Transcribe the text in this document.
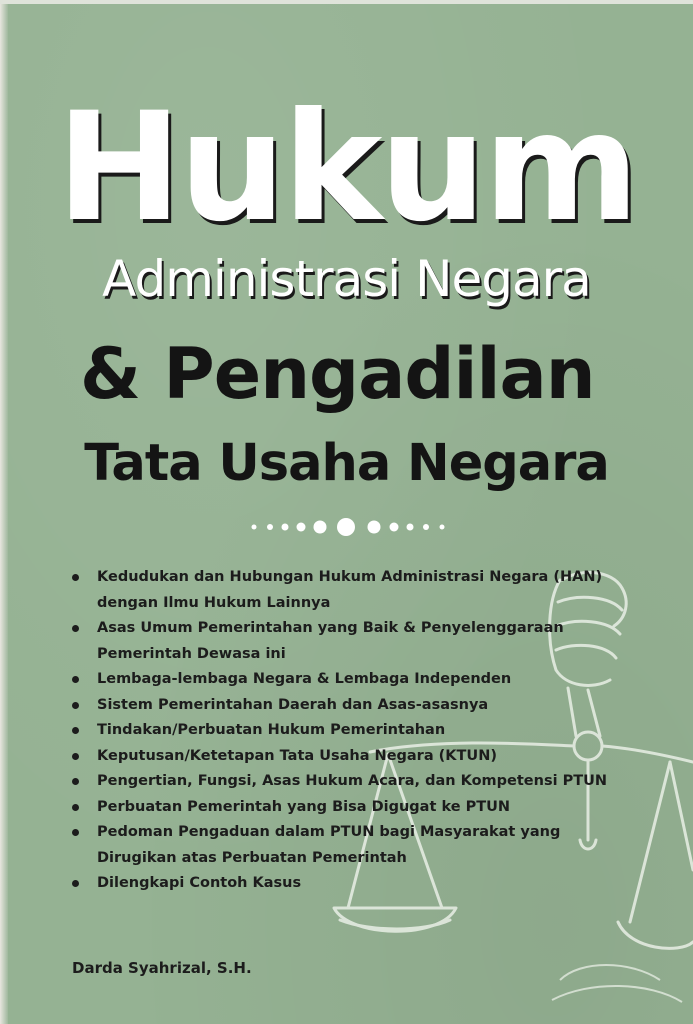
Hukum
Administrasi Negara
& Pengadilan
Tata Usaha Negara
Kedudukan dan Hubungan Hukum Administrasi Negara (HAN)
dengan Ilmu Hukum Lainnya
Asas Umum Pemerintahan yang Baik & Penyelenggaraan
Pemerintah Dewasa ini
Lembaga-lembaga Negara & Lembaga Independen
Sistem Pemerintahan Daerah dan Asas-asasnya
Tindakan/Perbuatan Hukum Pemerintahan
Keputusan/Ketetapan Tata Usaha Negara (KTUN)
Pengertian, Fungsi, Asas Hukum Acara, dan Kompetensi PTUN
Perbuatan Pemerintah yang Bisa Digugat ke PTUN
Pedoman Pengaduan dalam PTUN bagi Masyarakat yang
Dirugikan atas Perbuatan Pemerintah
Dilengkapi Contoh Kasus
Darda Syahrizal, S.H.
